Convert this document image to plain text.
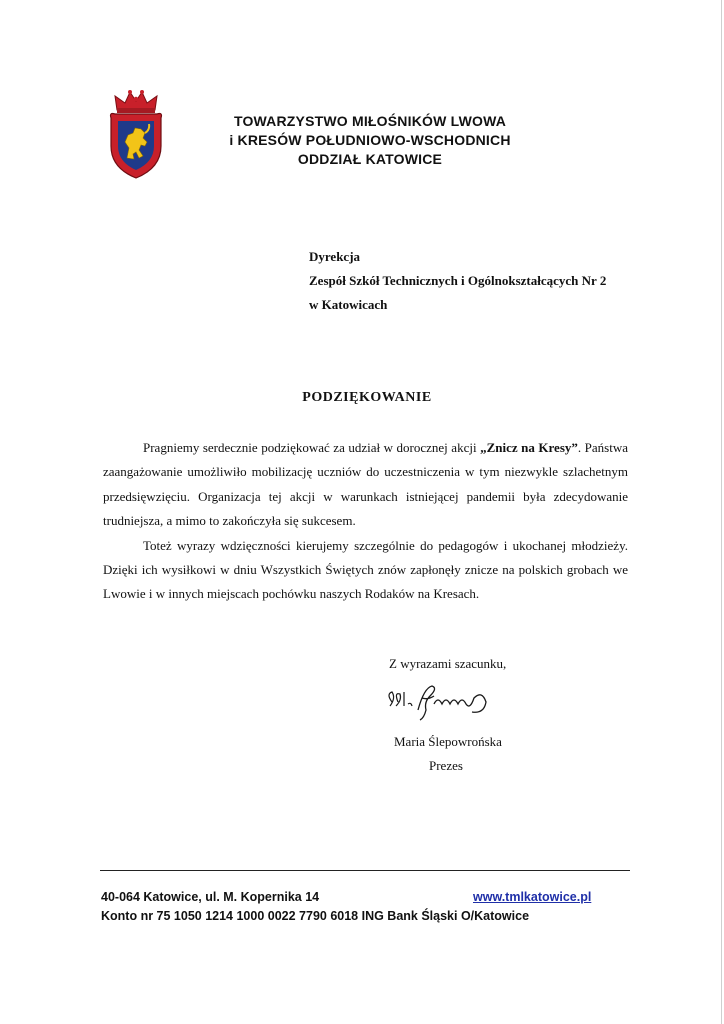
TOWARZYSTWO MIŁOŚNIKÓW LWOWA
i KRESÓW POŁUDNIOWO-WSCHODNICH
ODDZIAŁ KATOWICE
Dyrekcja
Zespół Szkół Technicznych i Ogólnokształcących Nr 2
w Katowicach
PODZIĘKOWANIE

Pragniemy serdecznie podziękować za udział w dorocznej akcji „Znicz na Kresy”. Państwa zaangażowanie umożliwiło mobilizację uczniów do uczestniczenia w tym niezwykle szlachetnym przedsięwzięciu. Organizacja tej akcji w warunkach istniejącej pandemii była zdecydowanie trudniejsza, a mimo to zakończyła się sukcesem.

Toteż wyrazy wdzięczności kierujemy szczególnie do pedagogów i ukochanej młodzieży. Dzięki ich wysiłkowi w dniu Wszystkich Świętych znów zapłonęły znicze na polskich grobach we Lwowie i w innych miejscach pochówku naszych Rodaków na Kresach.

Z wyrazami szacunku,
Maria Ślepowrońska
Prezes
40-064 Katowice, ul. M. Kopernika 14	www.tmlkatowice.pl
Konto nr 75 1050 1214 1000 0022 7790 6018 ING Bank Śląski O/Katowice
